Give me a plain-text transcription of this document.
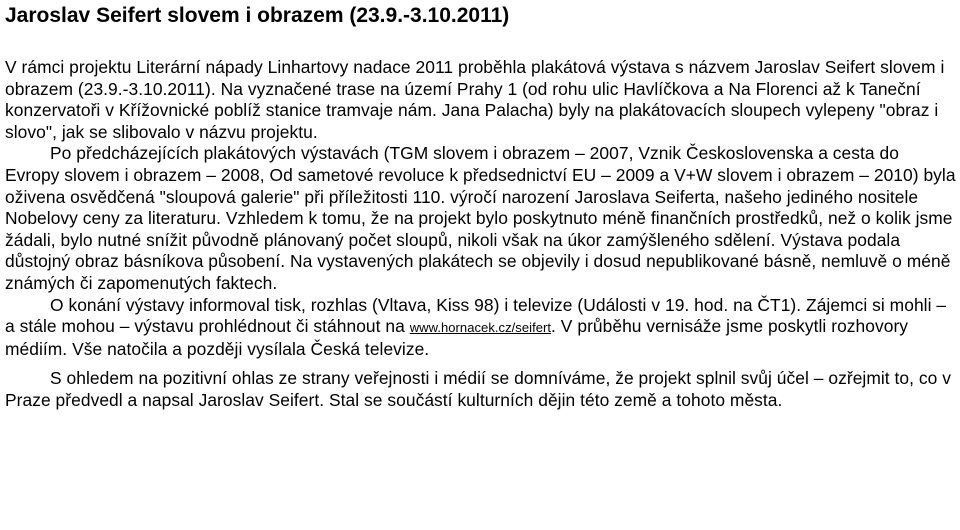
Jaroslav Seifert slovem i obrazem (23.9.-3.10.2011)

V rámci projektu Literární nápady Linhartovy nadace 2011 proběhla plakátová výstava s názvem Jaroslav Seifert slovem i obrazem (23.9.-3.10.2011). Na vyznačené trase na území Prahy 1 (od rohu ulic Havlíčkova a Na Florenci až k Taneční konzervatoři v Křížovnické poblíž stanice tramvaje nám. Jana Palacha) byly na plakátovacích sloupech vylepeny "obraz i slovo", jak se slibovalo v názvu projektu.

Po předcházejících plakátových výstavách (TGM slovem i obrazem – 2007, Vznik Československa a cesta do Evropy slovem i obrazem – 2008, Od sametové revoluce k předsednictví EU – 2009 a V+W slovem i obrazem – 2010) byla oživena osvědčená "sloupová galerie" při příležitosti 110. výročí narození Jaroslava Seiferta, našeho jediného nositele Nobelovy ceny za literaturu. Vzhledem k tomu, že na projekt bylo poskytnuto méně finančních prostředků, než o kolik jsme žádali, bylo nutné snížit původně plánovaný počet sloupů, nikoli však na úkor zamýšleného sdělení. Výstava podala důstojný obraz básníkova působení. Na vystavených plakátech se objevily i dosud nepublikované básně, nemluvě o méně známých či zapomenutých faktech.

O konání výstavy informoval tisk, rozhlas (Vltava, Kiss 98) i televize (Události v 19. hod. na ČT1). Zájemci si mohli – a stále mohou – výstavu prohlédnout či stáhnout na www.hornacek.cz/seifert. V průběhu vernisáže jsme poskytli rozhovory médiím. Vše natočila a později vysílala Česká televize.

S ohledem na pozitivní ohlas ze strany veřejnosti i médií se domníváme, že projekt splnil svůj účel – ozřejmit to, co v Praze předvedl a napsal Jaroslav Seifert. Stal se součástí kulturních dějin této země a tohoto města.
